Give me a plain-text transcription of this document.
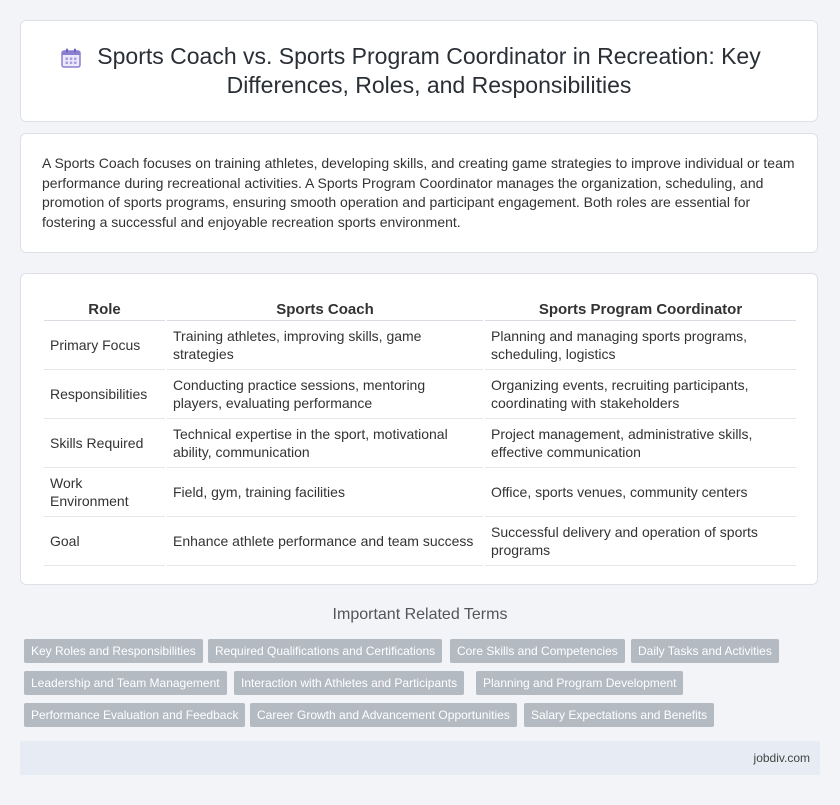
Sports Coach vs. Sports Program Coordinator in Recreation: Key Differences, Roles, and Responsibilities

A Sports Coach focuses on training athletes, developing skills, and creating game strategies to improve individual or team performance during recreational activities. A Sports Program Coordinator manages the organization, scheduling, and promotion of sports programs, ensuring smooth operation and participant engagement. Both roles are essential for fostering a successful and enjoyable recreation sports environment.

Role	Sports Coach	Sports Program Coordinator
Primary Focus	Training athletes, improving skills, game strategies	Planning and managing sports programs, scheduling, logistics
Responsibilities	Conducting practice sessions, mentoring players, evaluating performance	Organizing events, recruiting participants, coordinating with stakeholders
Skills Required	Technical expertise in the sport, motivational ability, communication	Project management, administrative skills, effective communication
Work Environment	Field, gym, training facilities	Office, sports venues, community centers
Goal	Enhance athlete performance and team success	Successful delivery and operation of sports programs
Important Related Terms
Key Roles and Responsibilities	Required Qualifications and Certifications	Core Skills and Competencies	Daily Tasks and Activities
Leadership and Team Management	Interaction with Athletes and Participants	Planning and Program Development
Performance Evaluation and Feedback	Career Growth and Advancement Opportunities	Salary Expectations and Benefits
jobdiv.com
